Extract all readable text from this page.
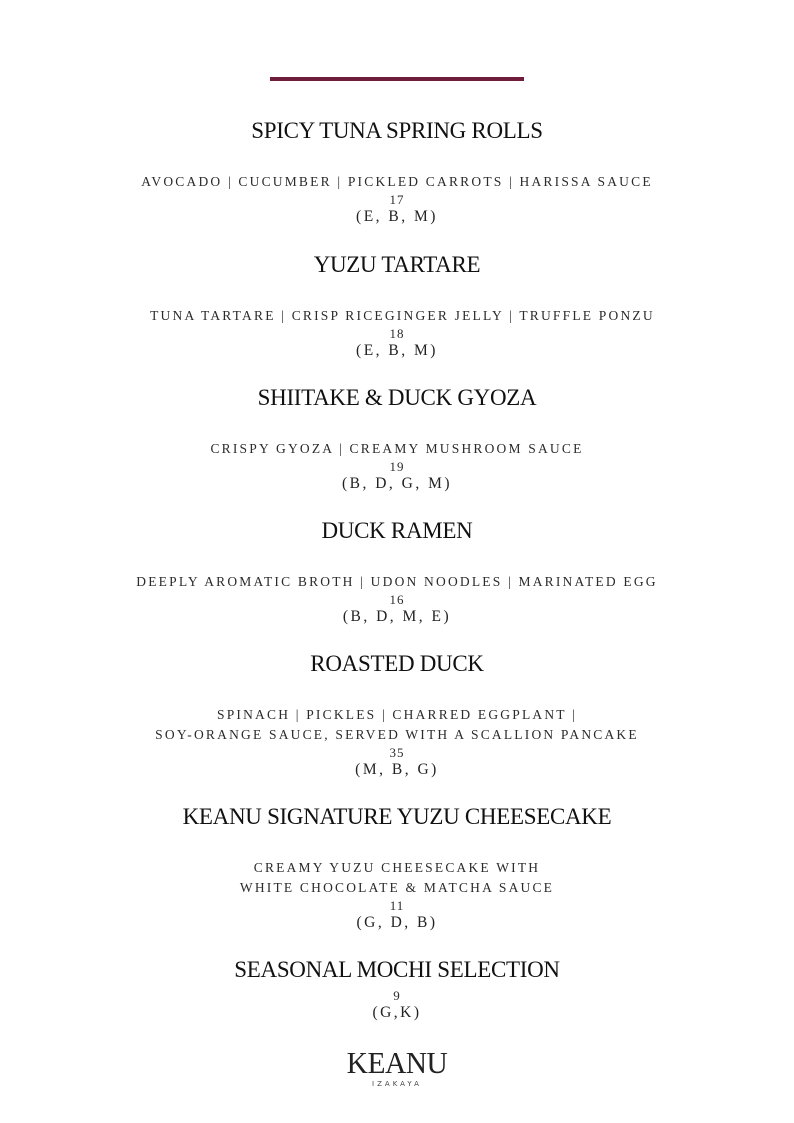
SPICY TUNA SPRING ROLLS
AVOCADO | CUCUMBER | PICKLED CARROTS | HARISSA SAUCE
17
(E, B, M)
YUZU TARTARE
TUNA TARTARE | CRISP RICEGINGER JELLY | TRUFFLE PONZU
18
(E, B, M)
SHIITAKE & DUCK GYOZA
CRISPY GYOZA | CREAMY MUSHROOM SAUCE
19
(B, D, G, M)
DUCK RAMEN
DEEPLY AROMATIC BROTH | UDON NOODLES | MARINATED EGG
16
(B, D, M, E)
ROASTED DUCK
SPINACH | PICKLES | CHARRED EGGPLANT |
SOY-ORANGE SAUCE, SERVED WITH A SCALLION PANCAKE
35
(M, B, G)
KEANU SIGNATURE YUZU CHEESECAKE
CREAMY YUZU CHEESECAKE WITH
WHITE CHOCOLATE & MATCHA SAUCE
11
(G, D, B)
SEASONAL MOCHI SELECTION
9
(G,K)
KEANU
IZAKAYA
